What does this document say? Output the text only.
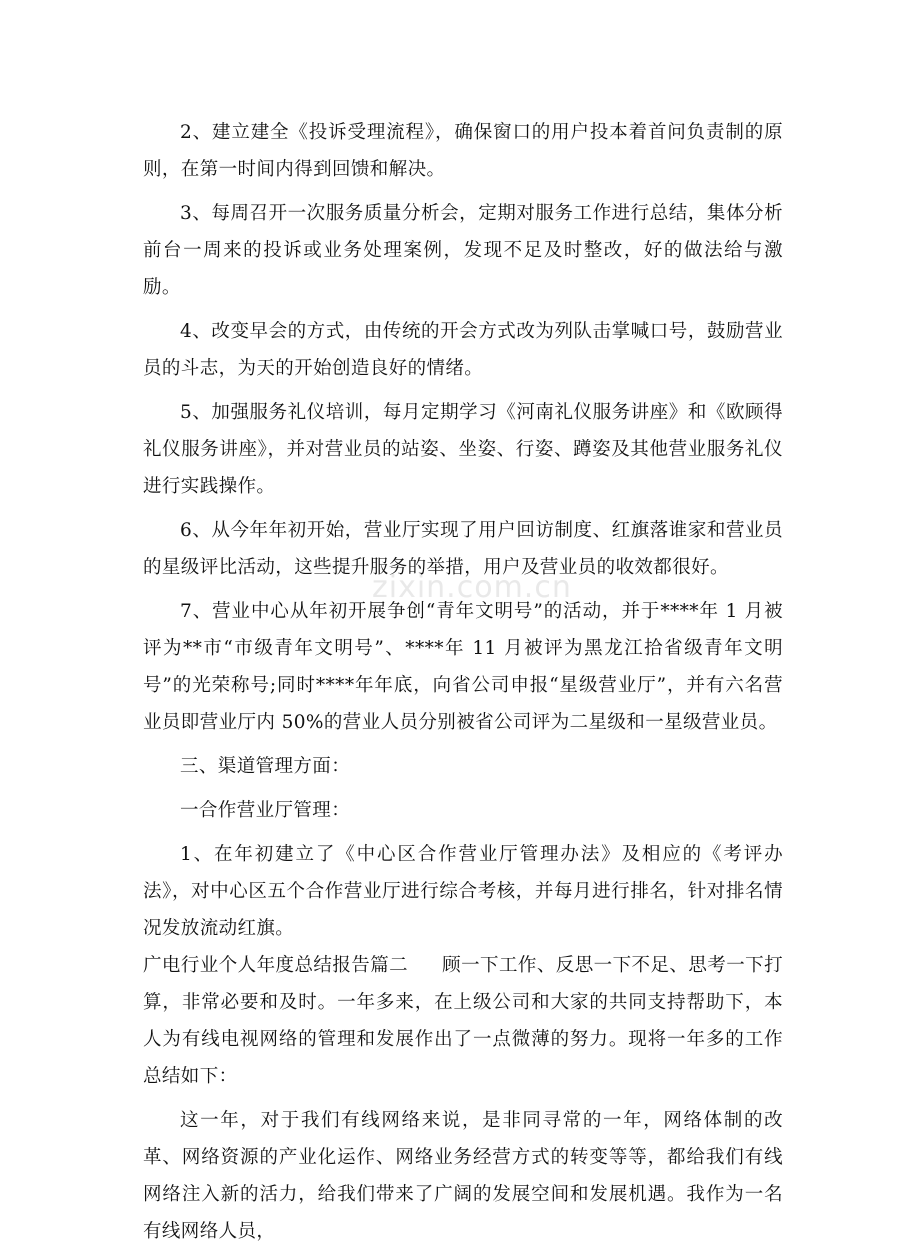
zixin.com.cn

2、建立建全《投诉受理流程》，确保窗口的用户投本着首问负责制的原则，在第一时间内得到回馈和解决。

3、每周召开一次服务质量分析会，定期对服务工作进行总结，集体分析前台一周来的投诉或业务处理案例，发现不足及时整改，好的做法给与激励。

4、改变早会的方式，由传统的开会方式改为列队击掌喊口号，鼓励营业员的斗志，为天的开始创造良好的情绪。

5、加强服务礼仪培训，每月定期学习《河南礼仪服务讲座》和《欧顾得礼仪服务讲座》，并对营业员的站姿、坐姿、行姿、蹲姿及其他营业服务礼仪进行实践操作。

6、从今年年初开始，营业厅实现了用户回访制度、红旗落谁家和营业员的星级评比活动，这些提升服务的举措，用户及营业员的收效都很好。

7、营业中心从年初开展争创“青年文明号”的活动，并于****年 1 月被评为**市“市级青年文明号”、****年 11 月被评为黑龙江拾省级青年文明号”的光荣称号;同时****年年底，向省公司申报“星级营业厅”，并有六名营业员即营业厅内 50%的营业人员分别被省公司评为二星级和一星级营业员。

三、渠道管理方面：

一合作营业厅管理：

1、在年初建立了《中心区合作营业厅管理办法》及相应的《考评办法》，对中心区五个合作营业厅进行综合考核，并每月进行排名，针对排名情况发放流动红旗。

广电行业个人年度总结报告篇二 顾一下工作、反思一下不足、思考一下打算，非常必要和及时。一年多来，在上级公司和大家的共同支持帮助下，本人为有线电视网络的管理和发展作出了一点微薄的努力。现将一年多的工作总结如下：

这一年，对于我们有线网络来说，是非同寻常的一年，网络体制的改革、网络资源的产业化运作、网络业务经营方式的转变等等，都给我们有线网络注入新的活力，给我们带来了广阔的发展空间和发展机遇。我作为一名有线网络人员，
